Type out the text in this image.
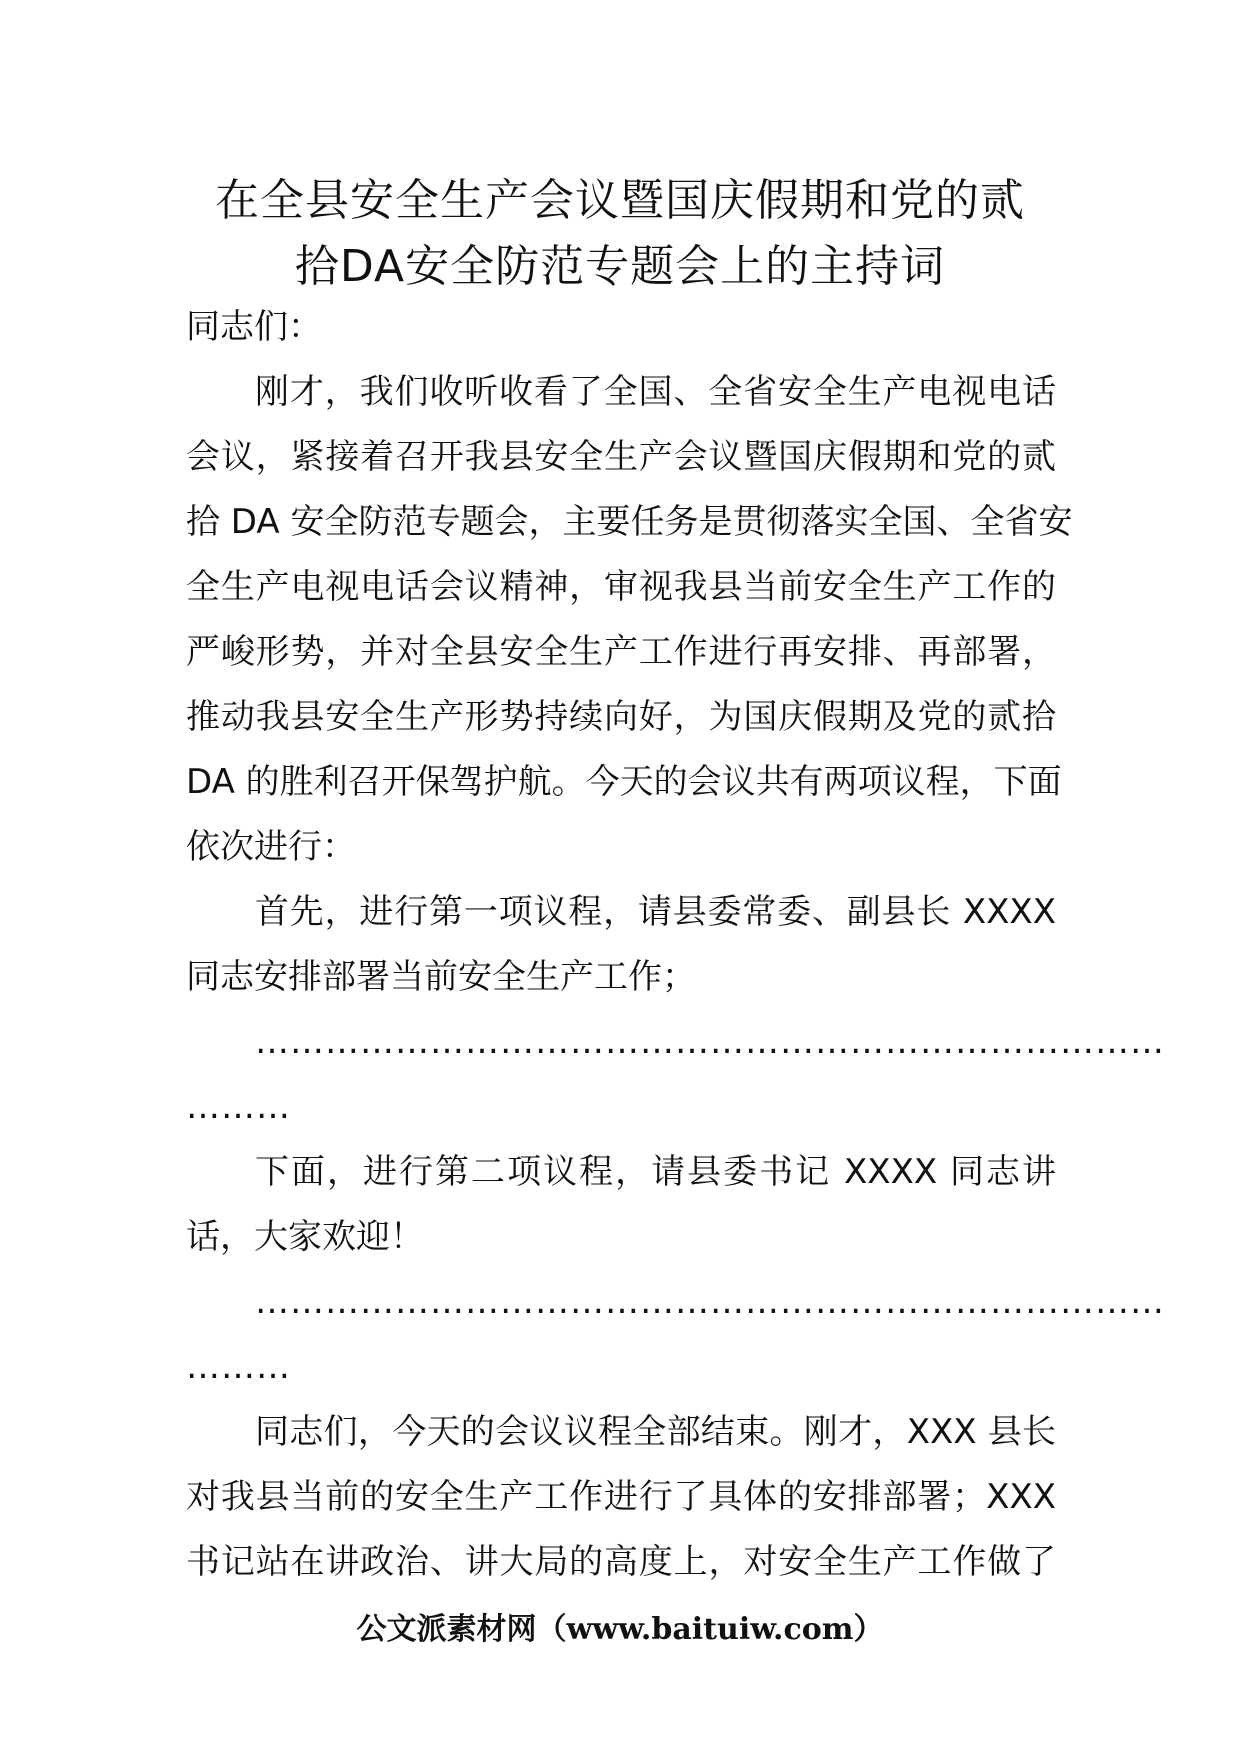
在全县安全生产会议暨国庆假期和党的贰
拾DA安全防范专题会上的主持词
同志们：
刚才，我们收听收看了全国、全省安全生产电视电话
会议，紧接着召开我县安全生产会议暨国庆假期和党的贰
拾 DA 安全防范专题会，主要任务是贯彻落实全国、全省安
全生产电视电话会议精神，审视我县当前安全生产工作的
严峻形势，并对全县安全生产工作进行再安排、再部署，
推动我县安全生产形势持续向好，为国庆假期及党的贰拾
DA 的胜利召开保驾护航。今天的会议共有两项议程，下面
依次进行：
首先，进行第一项议程，请县委常委、副县长 XXXX
同志安排部署当前安全生产工作；
……………………………………………………………………
………
下面，进行第二项议程，请县委书记 XXXX 同志讲
话，大家欢迎！
……………………………………………………………………
………
同志们，今天的会议议程全部结束。刚才，XXX 县长
对我县当前的安全生产工作进行了具体的安排部署；XXX
书记站在讲政治、讲大局的高度上，对安全生产工作做了
公文派素材网（www.baituiw.com）
